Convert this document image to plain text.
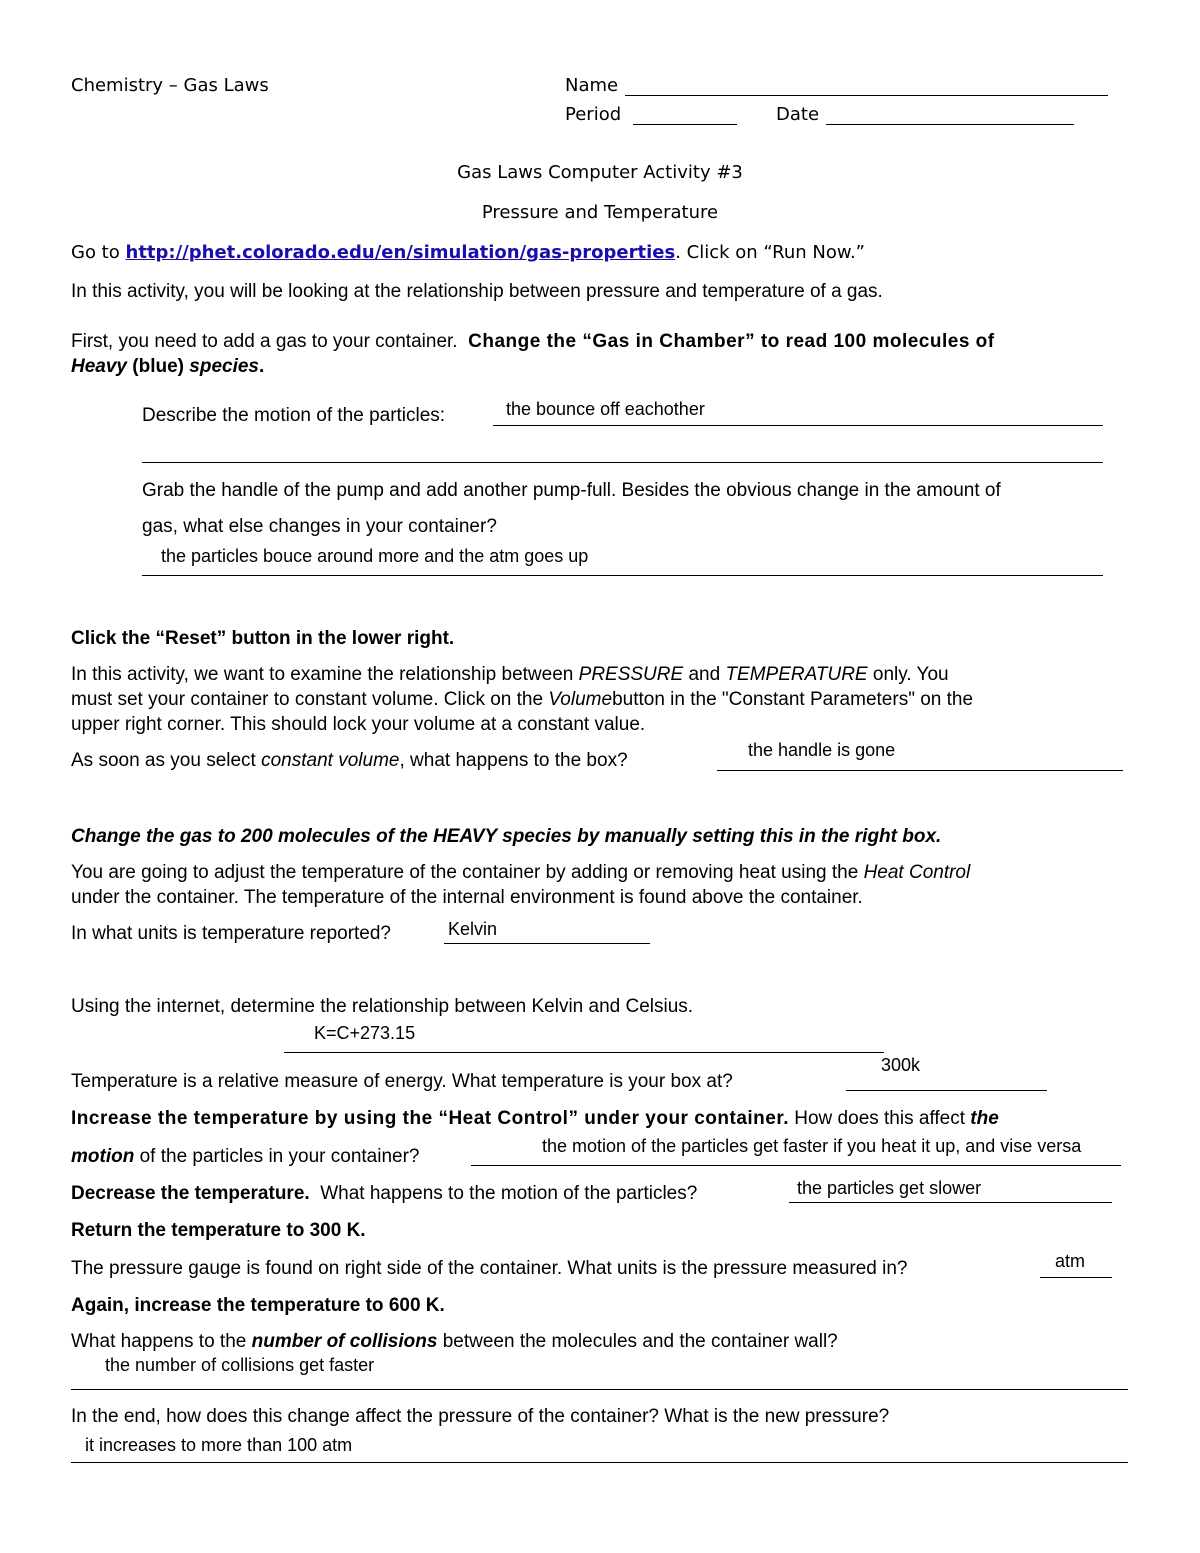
Chemistry – Gas Laws	Name
Period	Date
Gas Laws Computer Activity #3
Pressure and Temperature
Go to http://phet.colorado.edu/en/simulation/gas-properties. Click on “Run Now.”
In this activity, you will be looking at the relationship between pressure and temperature of a gas.
First, you need to add a gas to your container. Change the “Gas in Chamber” to read 100 molecules of
Heavy (blue) species.
Describe the motion of the particles:	the bounce off eachother
Grab the handle of the pump and add another pump-full. Besides the obvious change in the amount of
gas, what else changes in your container?
the particles bouce around more and the atm goes up
Click the “Reset” button in the lower right.
In this activity, we want to examine the relationship between PRESSURE and TEMPERATURE only. You
must set your container to constant volume. Click on the Volumebutton in the "Constant Parameters" on the
upper right corner. This should lock your volume at a constant value.
As soon as you select constant volume, what happens to the box?	the handle is gone
Change the gas to 200 molecules of the HEAVY species by manually setting this in the right box.
You are going to adjust the temperature of the container by adding or removing heat using the Heat Control
under the container. The temperature of the internal environment is found above the container.
In what units is temperature reported?	Kelvin
Using the internet, determine the relationship between Kelvin and Celsius.
K=C+273.15
Temperature is a relative measure of energy. What temperature is your box at?
300k
Increase the temperature by using the “Heat Control” under your container. How does this affect the
motion of the particles in your container?	the motion of the particles get faster if you heat it up, and vise versa
Decrease the temperature. What happens to the motion of the particles?	the particles get slower
Return the temperature to 300 K.
The pressure gauge is found on right side of the container. What units is the pressure measured in?	atm
Again, increase the temperature to 600 K.
What happens to the number of collisions between the molecules and the container wall?
the number of collisions get faster
In the end, how does this change affect the pressure of the container? What is the new pressure?
it increases to more than 100 atm
